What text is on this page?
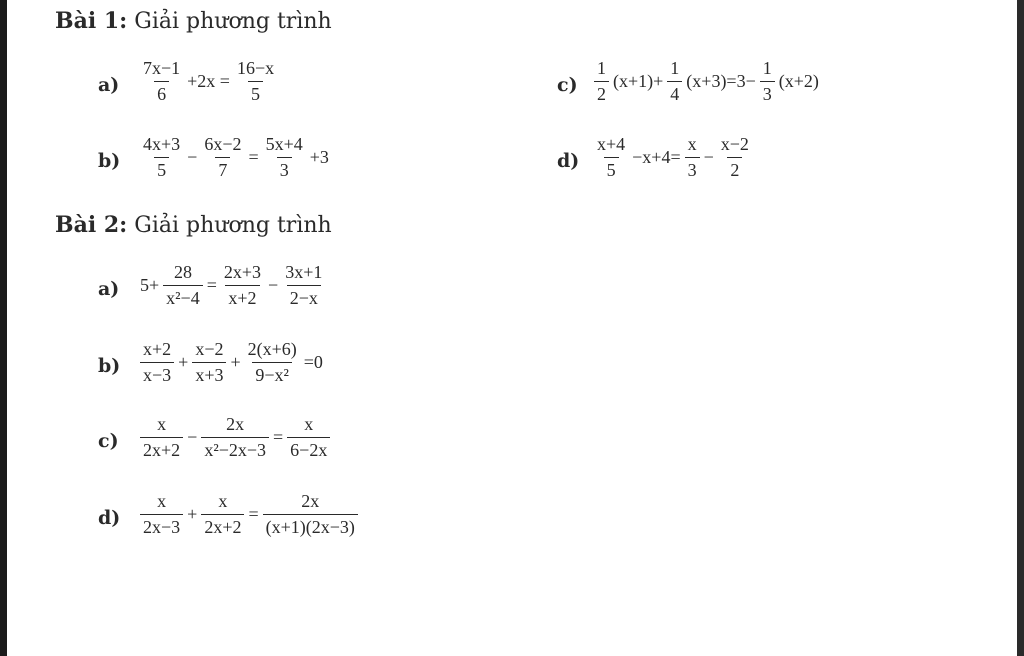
Bài 1: Giải phương trình
$a) \frac{7x-1}{6} +2x = \frac{16-x}{5}$	$c) \frac{1}{2} (x+1)+ \frac{1}{4} (x+3)=3- \frac{1}{3} (x+2)$
$b) \frac{4x+3}{5} - \frac{6x-2}{7} = \frac{5x+4}{3} +3$	$d) \frac{x+4}{5} -x+4= \frac{x}{3} - \frac{x-2}{2}$
Bài 2: Giải phương trình
a) $5+ \frac{28}{\text{x²−4}} = \frac{2x+3}{x+2} - \frac{3x+1}{2-x}$
$b) \frac{x+2}{x-3} + \frac{x-2}{x+3} + \frac{2(x+6)}{\text{9−x²}} =0$
$c) \frac{x}{2x+2} - \frac{2x}{\text{x²−2x−3}} = \frac{x}{6-2x}$
$d) \frac{x}{2x-3} + \frac{x}{2x+2} = \frac{2x}{(x+1)(2x-3)}$
